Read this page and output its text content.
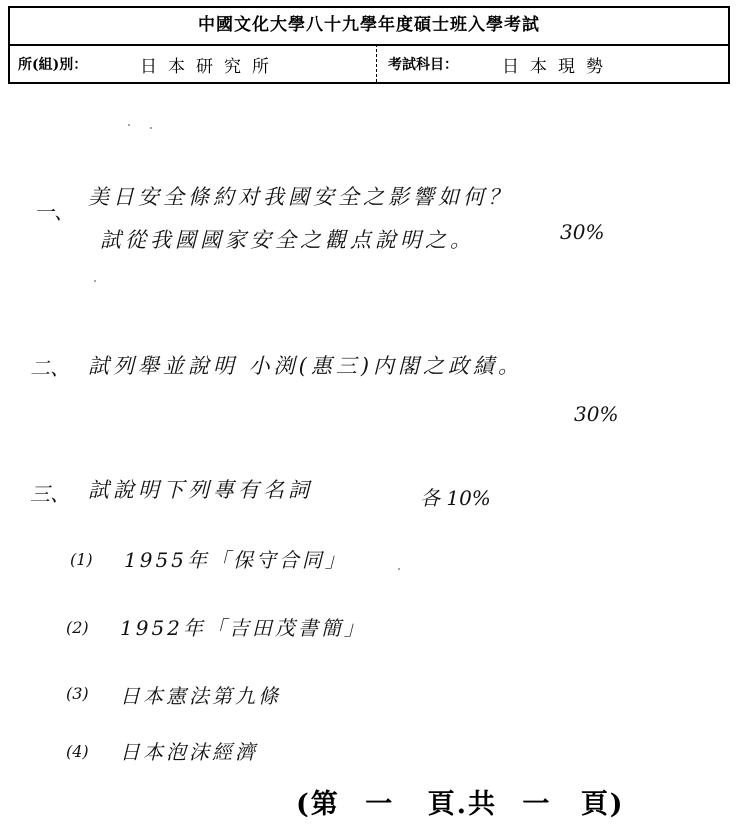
中國文化大學八十九學年度碩士班入學考試
所(組)別：	日本研究所	考試科目：	日本現勢
一、
美日安全條約对我國安全之影響如何？
試從我國國家安全之觀点說明之。	30%
二、 試列舉並說明 小渕(惠三)内閣之政績。
30%
三、 試說明下列專有名詞	各 10%
(1) 1955年「保守合同」
(2) 1952年「吉田茂書簡」
(3) 日本憲法第九條
(4) 日本泡沫經濟
(第 一 頁.共 一 頁)
